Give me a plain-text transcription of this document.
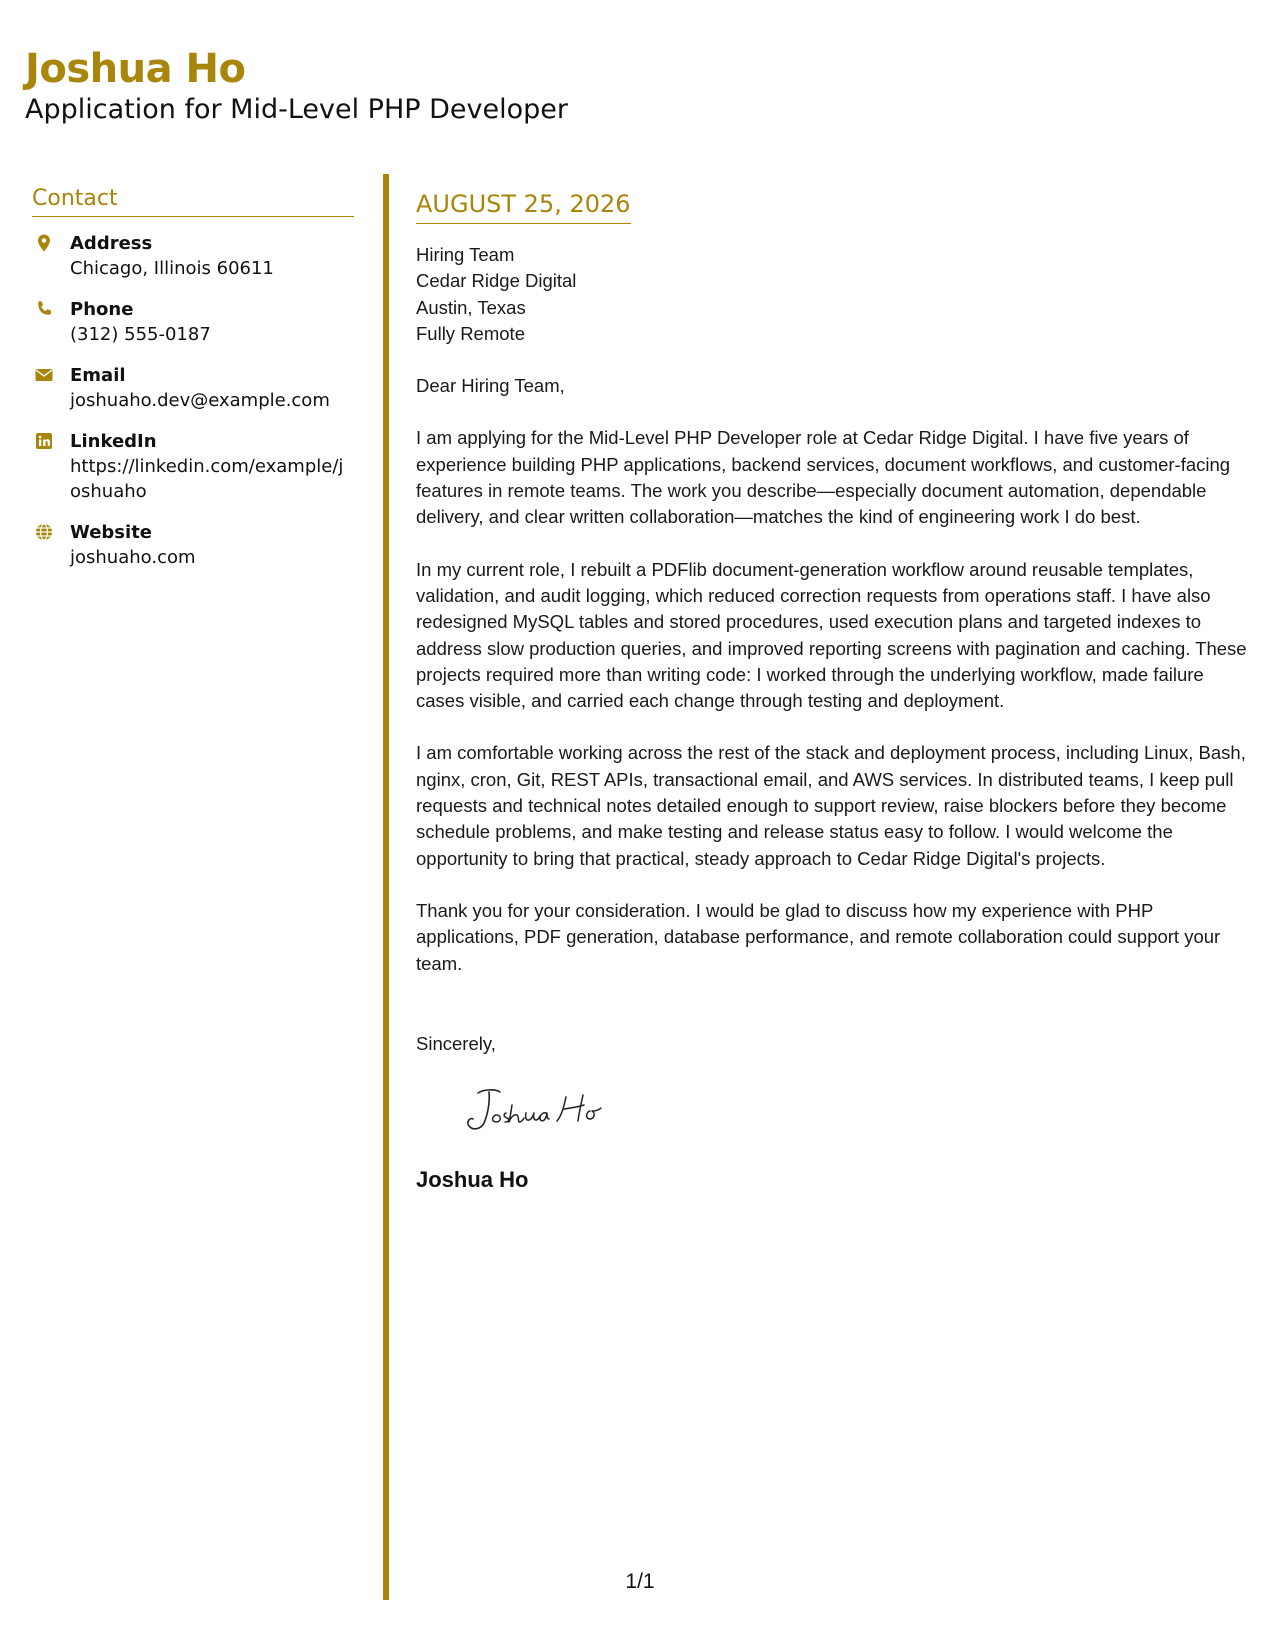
Joshua Ho
Application for Mid-Level PHP Developer
Contact
Address
Chicago, Illinois 60611
Phone
(312) 555-0187
Email
joshuaho.dev@example.com
LinkedIn
https://linkedin.com/example/joshuaho
Website
joshuaho.com
AUGUST 25, 2026
Hiring Team
Cedar Ridge Digital
Austin, Texas
Fully Remote
Dear Hiring Team,
I am applying for the Mid-Level PHP Developer role at Cedar Ridge Digital. I have five years of experience building PHP applications, backend services, document workflows, and customer-facing features in remote teams. The work you describe—especially document automation, dependable delivery, and clear written collaboration—matches the kind of engineering work I do best.
In my current role, I rebuilt a PDFlib document-generation workflow around reusable templates, validation, and audit logging, which reduced correction requests from operations staff. I have also redesigned MySQL tables and stored procedures, used execution plans and targeted indexes to address slow production queries, and improved reporting screens with pagination and caching. These projects required more than writing code: I worked through the underlying workflow, made failure cases visible, and carried each change through testing and deployment.
I am comfortable working across the rest of the stack and deployment process, including Linux, Bash, nginx, cron, Git, REST APIs, transactional email, and AWS services. In distributed teams, I keep pull requests and technical notes detailed enough to support review, raise blockers before they become schedule problems, and make testing and release status easy to follow. I would welcome the opportunity to bring that practical, steady approach to Cedar Ridge Digital's projects.
Thank you for your consideration. I would be glad to discuss how my experience with PHP applications, PDF generation, database performance, and remote collaboration could support your team.
Sincerely,
Joshua Ho
1/1
